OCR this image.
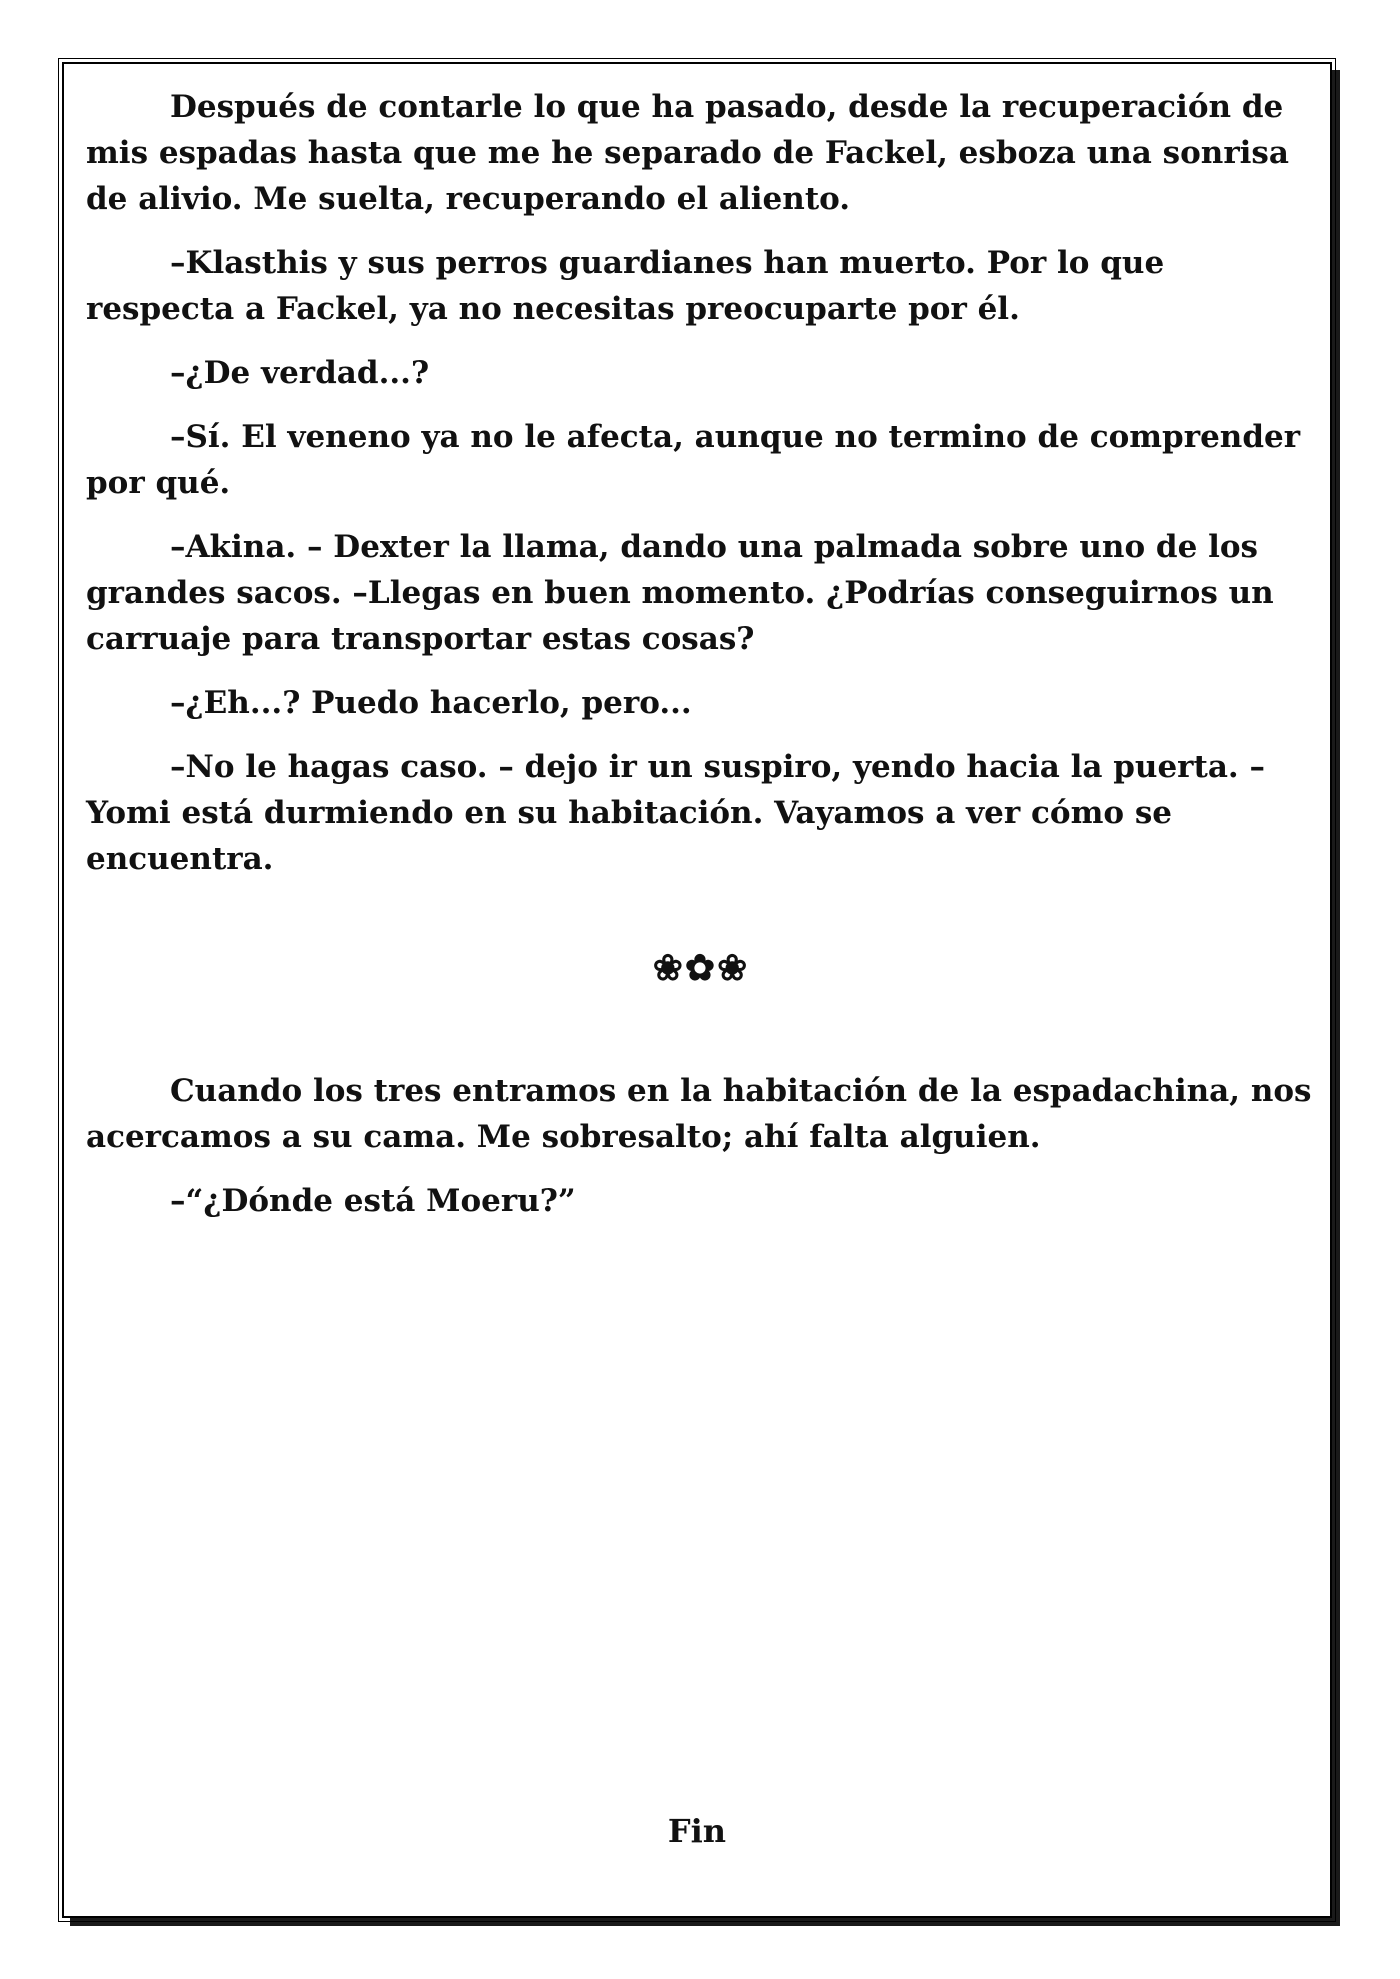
Después de contarle lo que ha pasado, desde la recuperación de mis espadas hasta que me he separado de Fackel, esboza una sonrisa de alivio. Me suelta, recuperando el aliento.

–Klasthis y sus perros guardianes han muerto. Por lo que respecta a Fackel, ya no necesitas preocuparte por él.

–¿De verdad...?

–Sí. El veneno ya no le afecta, aunque no termino de comprender por qué.

–Akina. – Dexter la llama, dando una palmada sobre uno de los grandes sacos. –Llegas en buen momento. ¿Podrías conseguirnos un carruaje para transportar estas cosas?

–¿Eh...? Puedo hacerlo, pero...

–No le hagas caso. – dejo ir un suspiro, yendo hacia la puerta. –Yomi está durmiendo en su habitación. Vayamos a ver cómo se encuentra.

❀✿❀

Cuando los tres entramos en la habitación de la espadachina, nos acercamos a su cama. Me sobresalto; ahí falta alguien.

–“¿Dónde está Moeru?”

Fin
